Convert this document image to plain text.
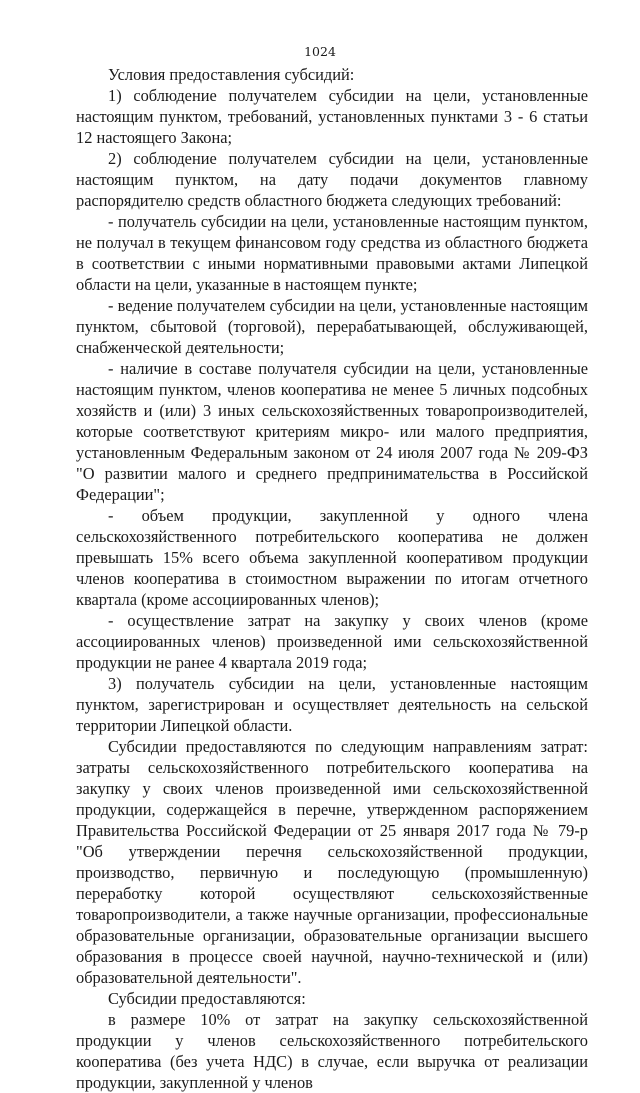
1024

Условия предоставления субсидий:

1) соблюдение получателем субсидии на цели, установленные настоящим пунктом, требований, установленных пунктами 3 - 6 статьи 12 настоящего Закона;

2) соблюдение получателем субсидии на цели, установленные настоящим пунктом, на дату подачи документов главному распорядителю средств областного бюджета следующих требований:

- получатель субсидии на цели, установленные настоящим пунктом, не получал в текущем финансовом году средства из областного бюджета в соответствии с иными нормативными правовыми актами Липецкой области на цели, указанные в настоящем пункте;

- ведение получателем субсидии на цели, установленные настоящим пунктом, сбытовой (торговой), перерабатывающей, обслуживающей, снабженческой деятельности;

- наличие в составе получателя субсидии на цели, установленные настоящим пунктом, членов кооператива не менее 5 личных подсобных хозяйств и (или) 3 иных сельскохозяйственных товаропроизводителей, которые соответствуют критериям микро- или малого предприятия, установленным Федеральным законом от 24 июля 2007 года № 209-ФЗ "О развитии малого и среднего предпринимательства в Российской Федерации";

- объем продукции, закупленной у одного члена сельскохозяйственного потребительского кооператива не должен превышать 15% всего объема закупленной кооперативом продукции членов кооператива в стоимостном выражении по итогам отчетного квартала (кроме ассоциированных членов);

- осуществление затрат на закупку у своих членов (кроме ассоциированных членов) произведенной ими сельскохозяйственной продукции не ранее 4 квартала 2019 года;

3) получатель субсидии на цели, установленные настоящим пунктом, зарегистрирован и осуществляет деятельность на сельской территории Липецкой области.

Субсидии предоставляются по следующим направлениям затрат: затраты сельскохозяйственного потребительского кооператива на закупку у своих членов произведенной ими сельскохозяйственной продукции, содержащейся в перечне, утвержденном распоряжением Правительства Российской Федерации от 25 января 2017 года № 79-р "Об утверждении перечня сельскохозяйственной продукции, производство, первичную и последующую (промышленную) переработку которой осуществляют сельскохозяйственные товаропроизводители, а также научные организации, профессиональные образовательные организации, образовательные организации высшего образования в процессе своей научной, научно-технической и (или) образовательной деятельности".

Субсидии предоставляются:

в размере 10% от затрат на закупку сельскохозяйственной продукции у членов сельскохозяйственного потребительского кооператива (без учета НДС) в случае, если выручка от реализации продукции, закупленной у членов
